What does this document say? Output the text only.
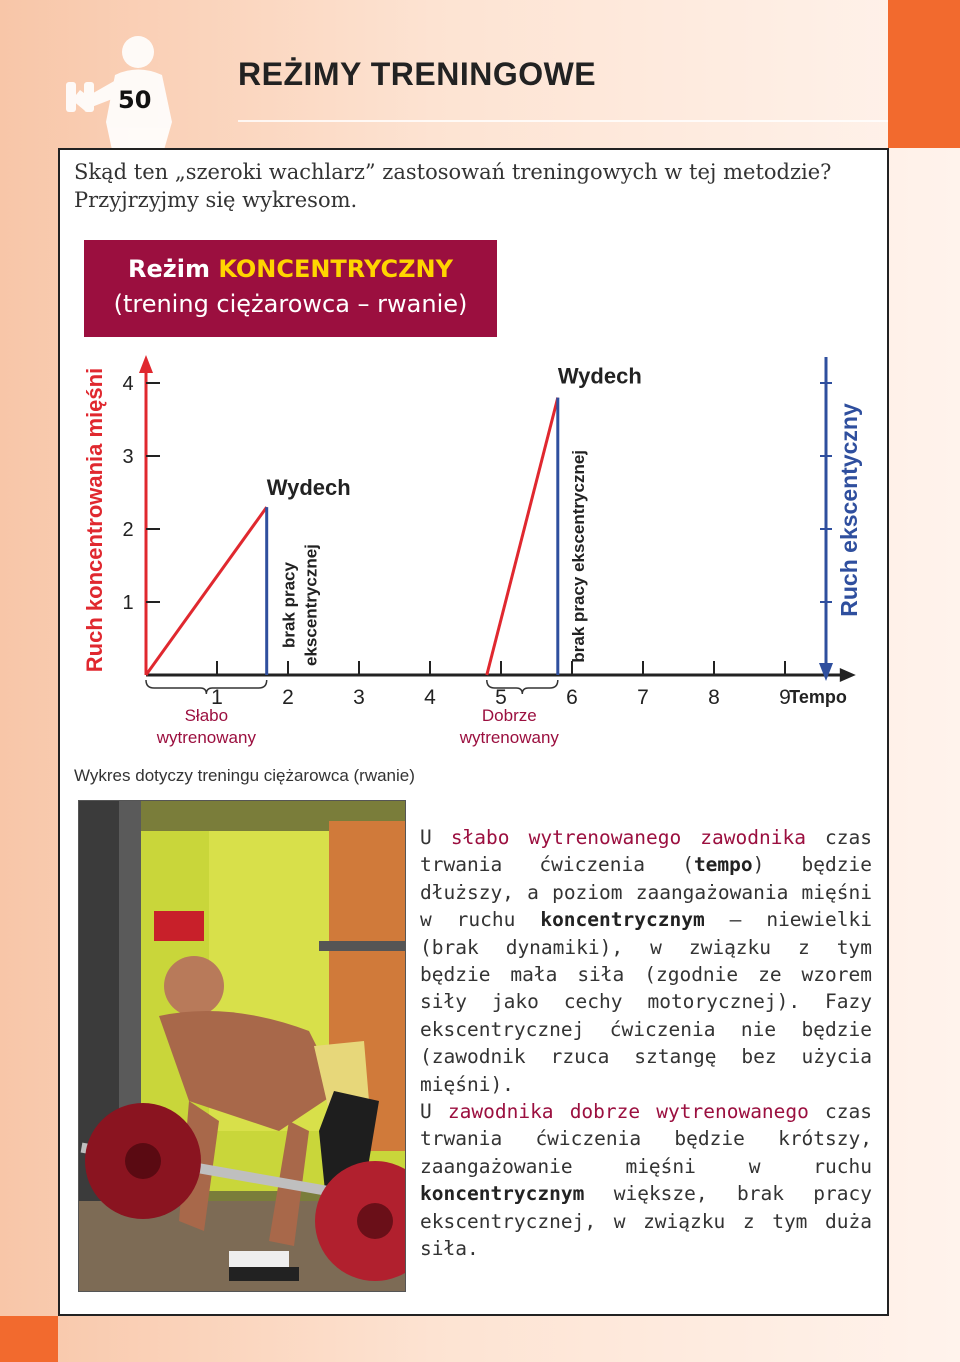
50
REŻIMY TRENINGOWE
Skąd ten „szeroki wachlarz” zastosowań treningowych w tej metodzie?
Przyjrzyjmy się wykresom.
Reżim KONCENTRYCZNY
(trening ciężarowca – rwanie)
1
2
3
4
1	2	3	4	5	6	7	8	9
Tempo
Ruch koncentrowania mięśni	Ruch ekscentyczny
Wydech
Wydech
brak pracy ekscentrycznej	brak pracy ekscentrycznej
Słabo
wytrenowany
Dobrze
wytrenowany
Wykres dotyczy treningu ciężarowca (rwanie)
U słabo wytrenowanego zawodnika czas trwania ćwiczenia (tempo) będzie dłuższy, a poziom zaangażowania mięśni w ruchu koncentrycznym – niewielki (brak dynamiki), w związku z tym będzie mała siła (zgodnie ze wzorem siły jako cechy motorycznej). Fazy ekscentrycznej ćwiczenia nie będzie (zawodnik rzuca sztangę bez użycia mięśni).
U zawodnika dobrze wytrenowanego czas trwania ćwiczenia będzie krótszy, zaangażowanie mięśni w ruchu koncentrycznym większe, brak pracy ekscentrycznej, w związku z tym duża siła.
